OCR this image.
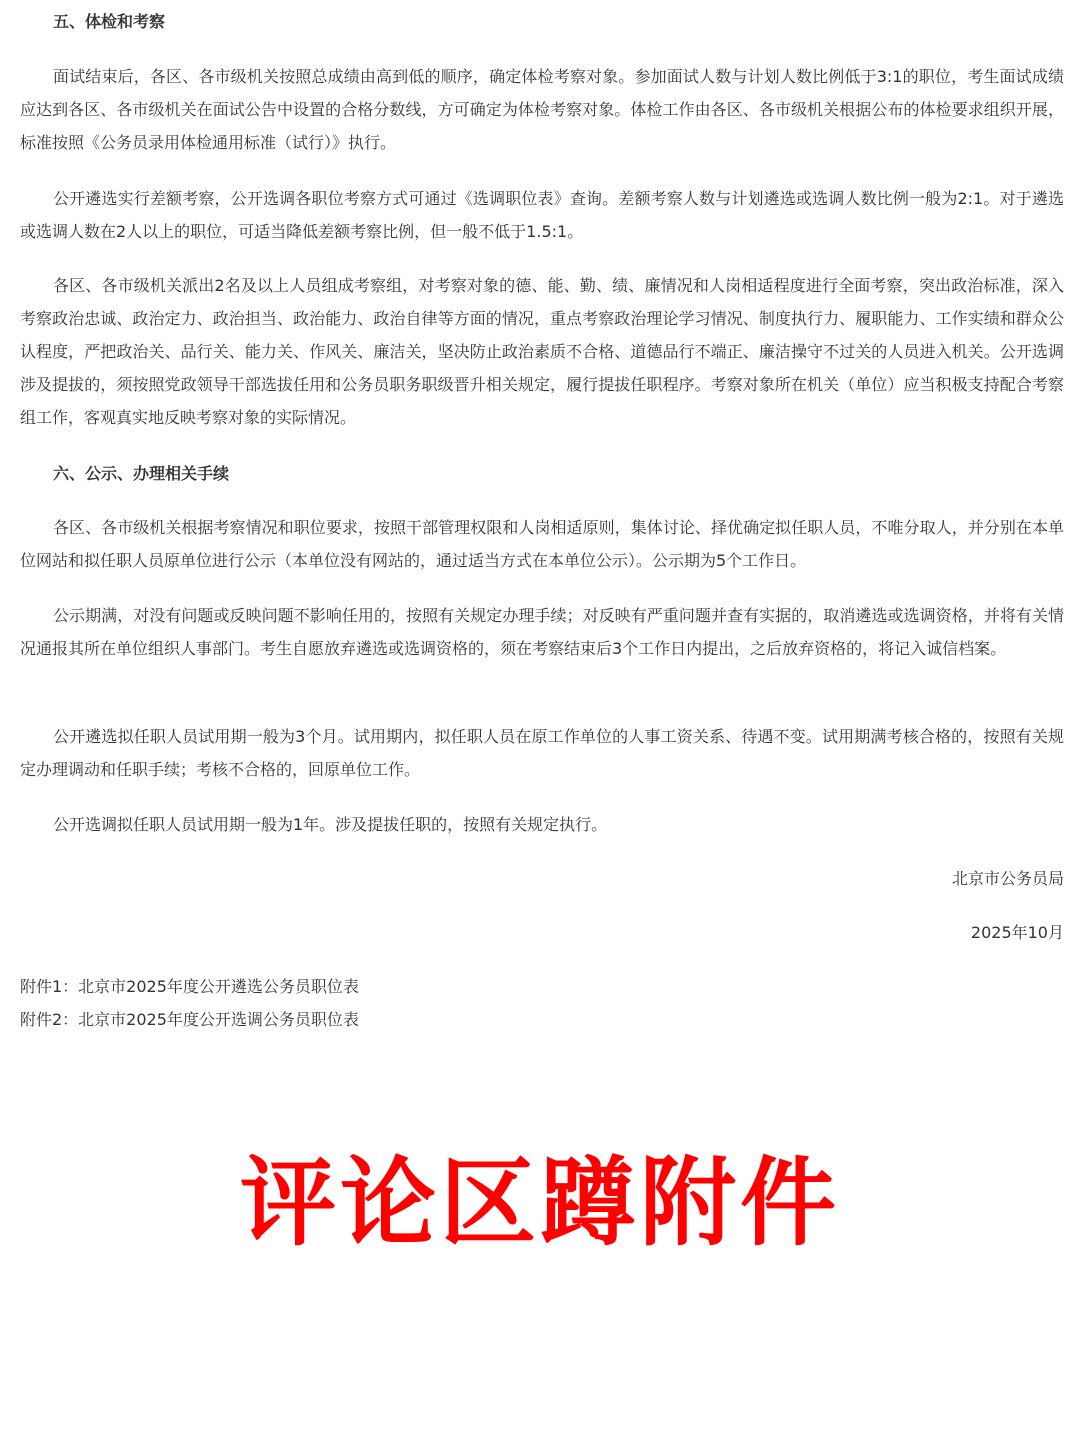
五、体检和考察

面试结束后，各区、各市级机关按照总成绩由高到低的顺序，确定体检考察对象。参加面试人数与计划人数比例低于3:1的职位，考生面试成绩应达到各区、各市级机关在面试公告中设置的合格分数线，方可确定为体检考察对象。体检工作由各区、各市级机关根据公布的体检要求组织开展，标准按照《公务员录用体检通用标准（试行）》执行。

公开遴选实行差额考察，公开选调各职位考察方式可通过《选调职位表》查询。差额考察人数与计划遴选或选调人数比例一般为2:1。对于遴选或选调人数在2人以上的职位，可适当降低差额考察比例，但一般不低于1.5:1。

各区、各市级机关派出2名及以上人员组成考察组，对考察对象的德、能、勤、绩、廉情况和人岗相适程度进行全面考察，突出政治标准，深入考察政治忠诚、政治定力、政治担当、政治能力、政治自律等方面的情况，重点考察政治理论学习情况、制度执行力、履职能力、工作实绩和群众公认程度，严把政治关、品行关、能力关、作风关、廉洁关，坚决防止政治素质不合格、道德品行不端正、廉洁操守不过关的人员进入机关。公开选调涉及提拔的，须按照党政领导干部选拔任用和公务员职务职级晋升相关规定，履行提拔任职程序。考察对象所在机关（单位）应当积极支持配合考察组工作，客观真实地反映考察对象的实际情况。

六、公示、办理相关手续

各区、各市级机关根据考察情况和职位要求，按照干部管理权限和人岗相适原则，集体讨论、择优确定拟任职人员，不唯分取人，并分别在本单位网站和拟任职人员原单位进行公示（本单位没有网站的，通过适当方式在本单位公示）。公示期为5个工作日。

公示期满，对没有问题或反映问题不影响任用的，按照有关规定办理手续；对反映有严重问题并查有实据的，取消遴选或选调资格，并将有关情况通报其所在单位组织人事部门。考生自愿放弃遴选或选调资格的，须在考察结束后3个工作日内提出，之后放弃资格的，将记入诚信档案。

公开遴选拟任职人员试用期一般为3个月。试用期内，拟任职人员在原工作单位的人事工资关系、待遇不变。试用期满考核合格的，按照有关规定办理调动和任职手续；考核不合格的，回原单位工作。

公开选调拟任职人员试用期一般为1年。涉及提拔任职的，按照有关规定执行。

北京市公务员局
2025年10月
附件1：北京市2025年度公开遴选公务员职位表
附件2：北京市2025年度公开选调公务员职位表
评论区蹲附件
